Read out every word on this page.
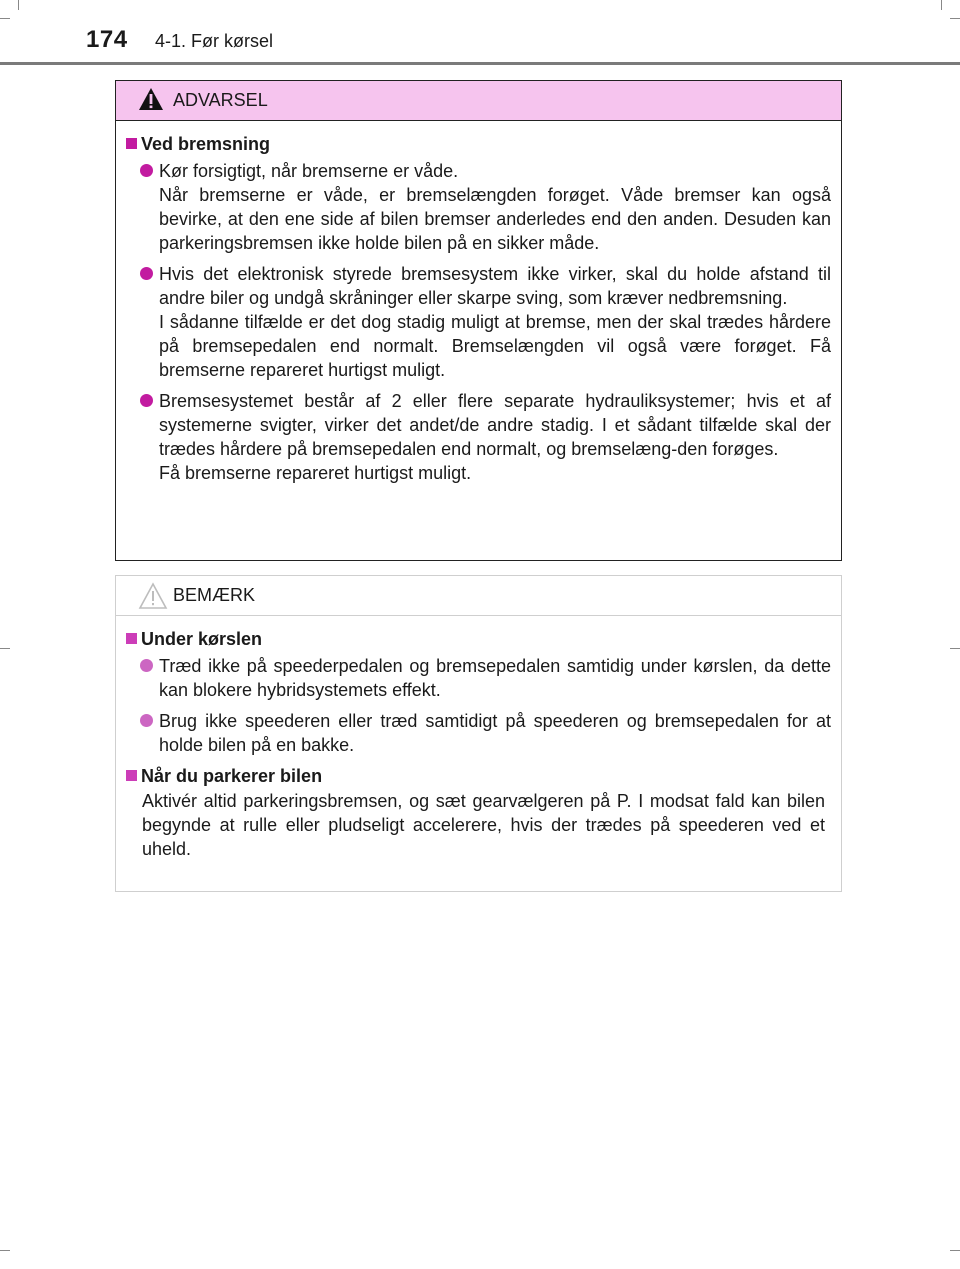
174 4-1. Før kørsel
ADVARSEL
Ved bremsning

Kør forsigtigt, når bremserne er våde.

Når bremserne er våde, er bremselængden forøget. Våde bremser kan også bevirke, at den ene side af bilen bremser anderledes end den anden. Desuden kan parkeringsbremsen ikke holde bilen på en sikker måde.

Hvis det elektronisk styrede bremsesystem ikke virker, skal du holde afstand til andre biler og undgå skråninger eller skarpe sving, som kræver nedbremsning.

I sådanne tilfælde er det dog stadig muligt at bremse, men der skal trædes hårdere på bremsepedalen end normalt. Bremselængden vil også være forøget. Få bremserne repareret hurtigst muligt.

Bremsesystemet består af 2 eller flere separate hydrauliksystemer; hvis et af systemerne svigter, virker det andet/de andre stadig. I et sådant tilfælde skal der trædes hårdere på bremsepedalen end normalt, og bremselæng-den forøges.

Få bremserne repareret hurtigst muligt.

BEMÆRK
Under kørslen

Træd ikke på speederpedalen og bremsepedalen samtidig under kørslen, da dette kan blokere hybridsystemets effekt.

Brug ikke speederen eller træd samtidigt på speederen og bremsepedalen for at holde bilen på en bakke.

Når du parkerer bilen

Aktivér altid parkeringsbremsen, og sæt gearvælgeren på P. I modsat fald kan bilen begynde at rulle eller pludseligt accelerere, hvis der trædes på speederen ved et uheld.
